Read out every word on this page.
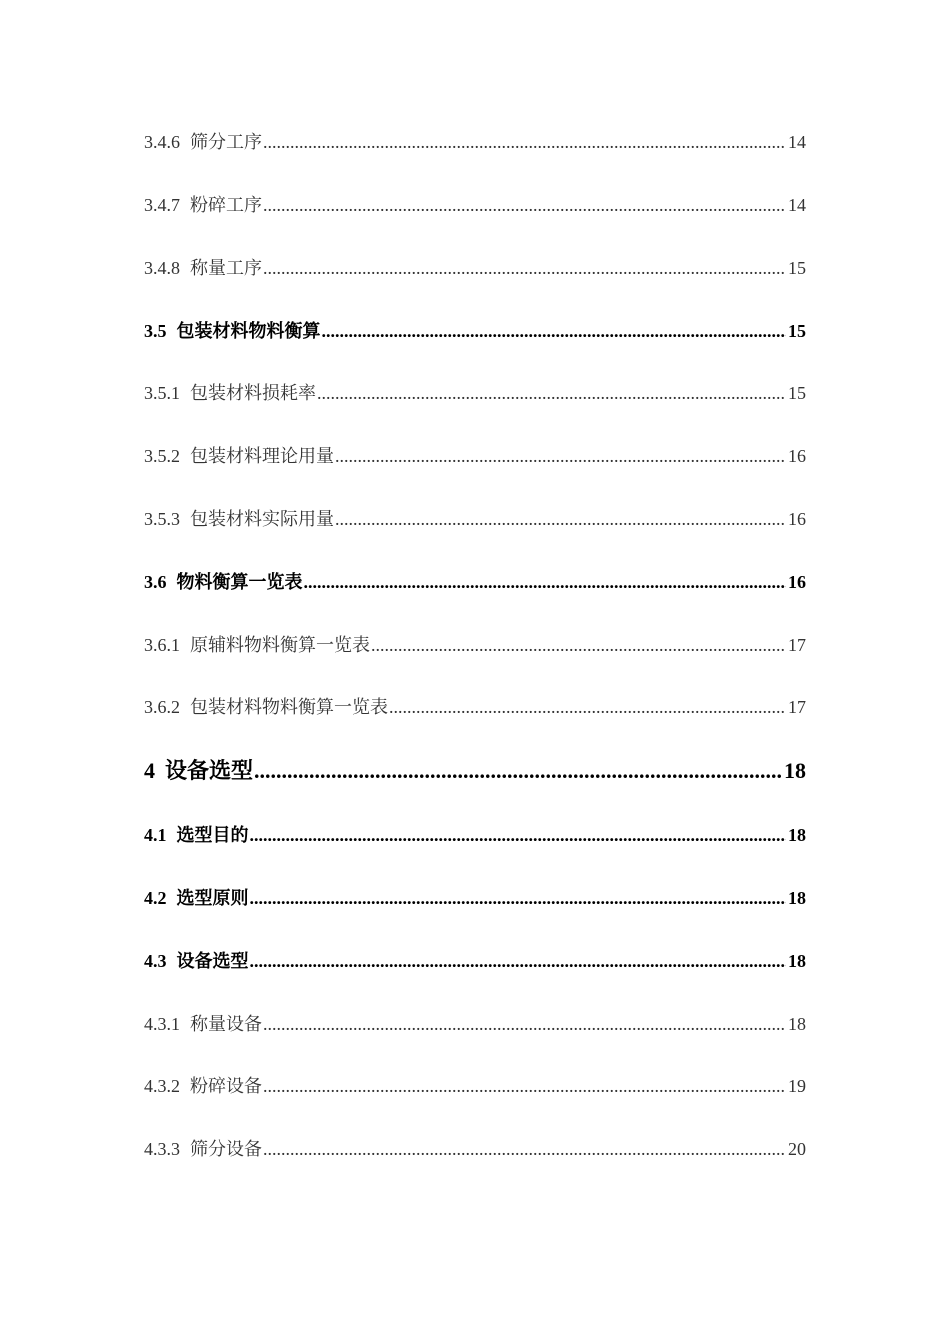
3.4.6 筛分工序 .....	14
3.4.7 粉碎工序 .....	14
3.4.8 称量工序 .....	15
3.5 包装材料物料衡算 .....	15
3.5.1 包装材料损耗率 .....	15
3.5.2 包装材料理论用量 .....	16
3.5.3 包装材料实际用量 .....	16
3.6 物料衡算一览表 .....	16
3.6.1 原辅料物料衡算一览表 .....	17
3.6.2 包装材料物料衡算一览表 .....	17
4 设备选型 .....	18
4.1 选型目的 .....	18
4.2 选型原则 .....	18
4.3 设备选型 .....	18
4.3.1 称量设备 .....	18
4.3.2 粉碎设备 .....	19
4.3.3 筛分设备 .....	20
